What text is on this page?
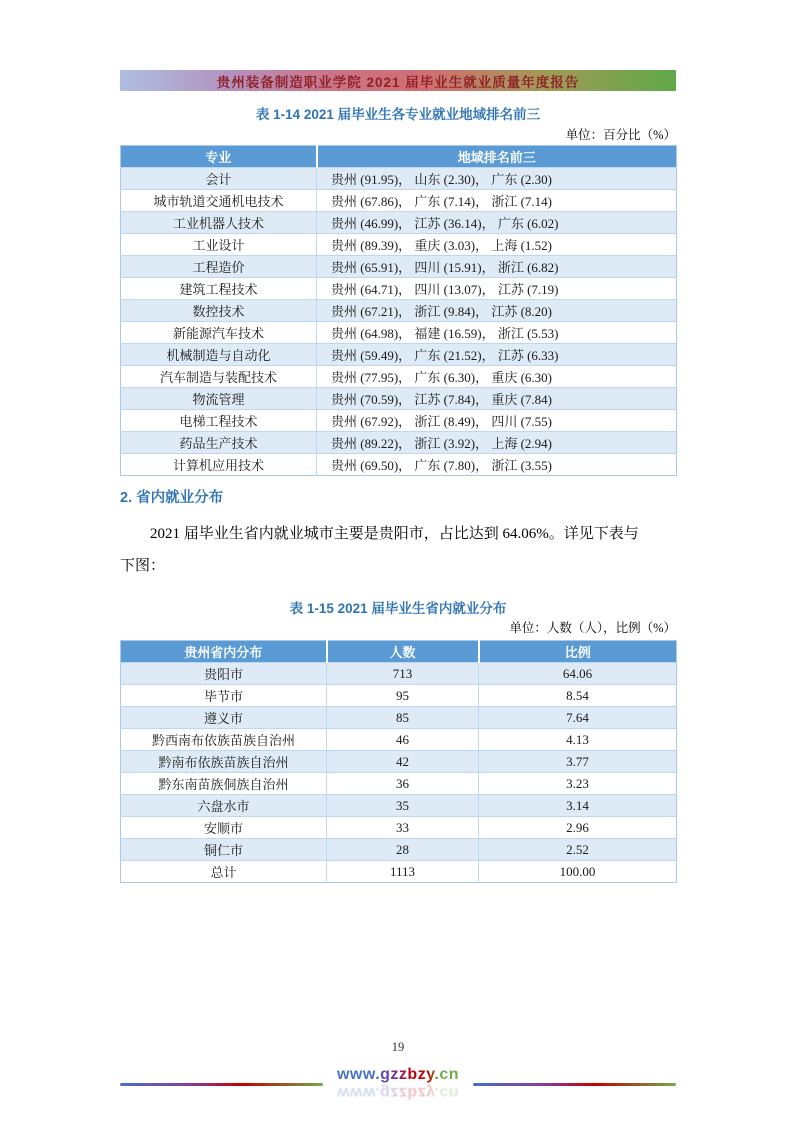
贵州装备制造职业学院 2021 届毕业生就业质量年度报告
表 1-14 2021 届毕业生各专业就业地域排名前三
单位：百分比（%）
专业	地域排名前三
会计	贵州 (91.95)， 山东 (2.30)， 广东 (2.30)
城市轨道交通机电技术	贵州 (67.86)， 广东 (7.14)， 浙江 (7.14)
工业机器人技术	贵州 (46.99)， 江苏 (36.14)， 广东 (6.02)
工业设计	贵州 (89.39)， 重庆 (3.03)， 上海 (1.52)
工程造价	贵州 (65.91)， 四川 (15.91)， 浙江 (6.82)
建筑工程技术	贵州 (64.71)， 四川 (13.07)， 江苏 (7.19)
数控技术	贵州 (67.21)， 浙江 (9.84)， 江苏 (8.20)
新能源汽车技术	贵州 (64.98)， 福建 (16.59)， 浙江 (5.53)
机械制造与自动化	贵州 (59.49)， 广东 (21.52)， 江苏 (6.33)
汽车制造与装配技术	贵州 (77.95)， 广东 (6.30)， 重庆 (6.30)
物流管理	贵州 (70.59)， 江苏 (7.84)， 重庆 (7.84)
电梯工程技术	贵州 (67.92)， 浙江 (8.49)， 四川 (7.55)
药品生产技术	贵州 (89.22)， 浙江 (3.92)， 上海 (2.94)
计算机应用技术	贵州 (69.50)， 广东 (7.80)， 浙江 (3.55)
2. 省内就业分布
2021 届毕业生省内就业城市主要是贵阳市，占比达到 64.06%。详见下表与
下图：
表 1-15 2021 届毕业生省内就业分布
单位：人数（人），比例（%）
贵州省内分布	人数	比例
贵阳市	713	64.06
毕节市	95	8.54
遵义市	85	7.64
黔西南布依族苗族自治州	46	4.13
黔南布依族苗族自治州	42	3.77
黔东南苗族侗族自治州	36	3.23
六盘水市	35	3.14
安顺市	33	2.96
铜仁市	28	2.52
总计	1113	100.00
19
www.gzzbzy.cn
www.gzzbzy.cn
